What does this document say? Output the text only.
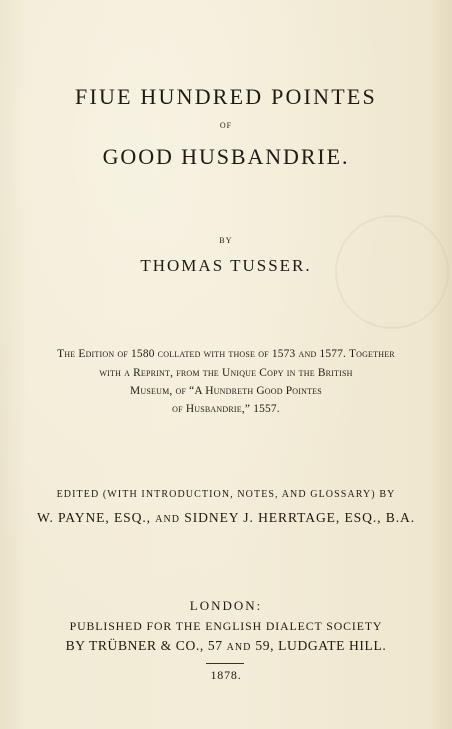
FIUE HUNDRED POINTES
OF
GOOD HUSBANDRIE.
BY
THOMAS TUSSER.
The Edition of 1580 collated with those of 1573 and 1577. Together
with a Reprint, from the Unique Copy in the British
Museum, of “A Hundreth Good Pointes
of Husbandrie,” 1557.
EDITED (WITH INTRODUCTION, NOTES, AND GLOSSARY) BY
W. PAYNE, ESQ., AND SIDNEY J. HERRTAGE, ESQ., B.A.
LONDON:
PUBLISHED FOR THE ENGLISH DIALECT SOCIETY
BY TRÜBNER & CO., 57 AND 59, LUDGATE HILL.
1878.
